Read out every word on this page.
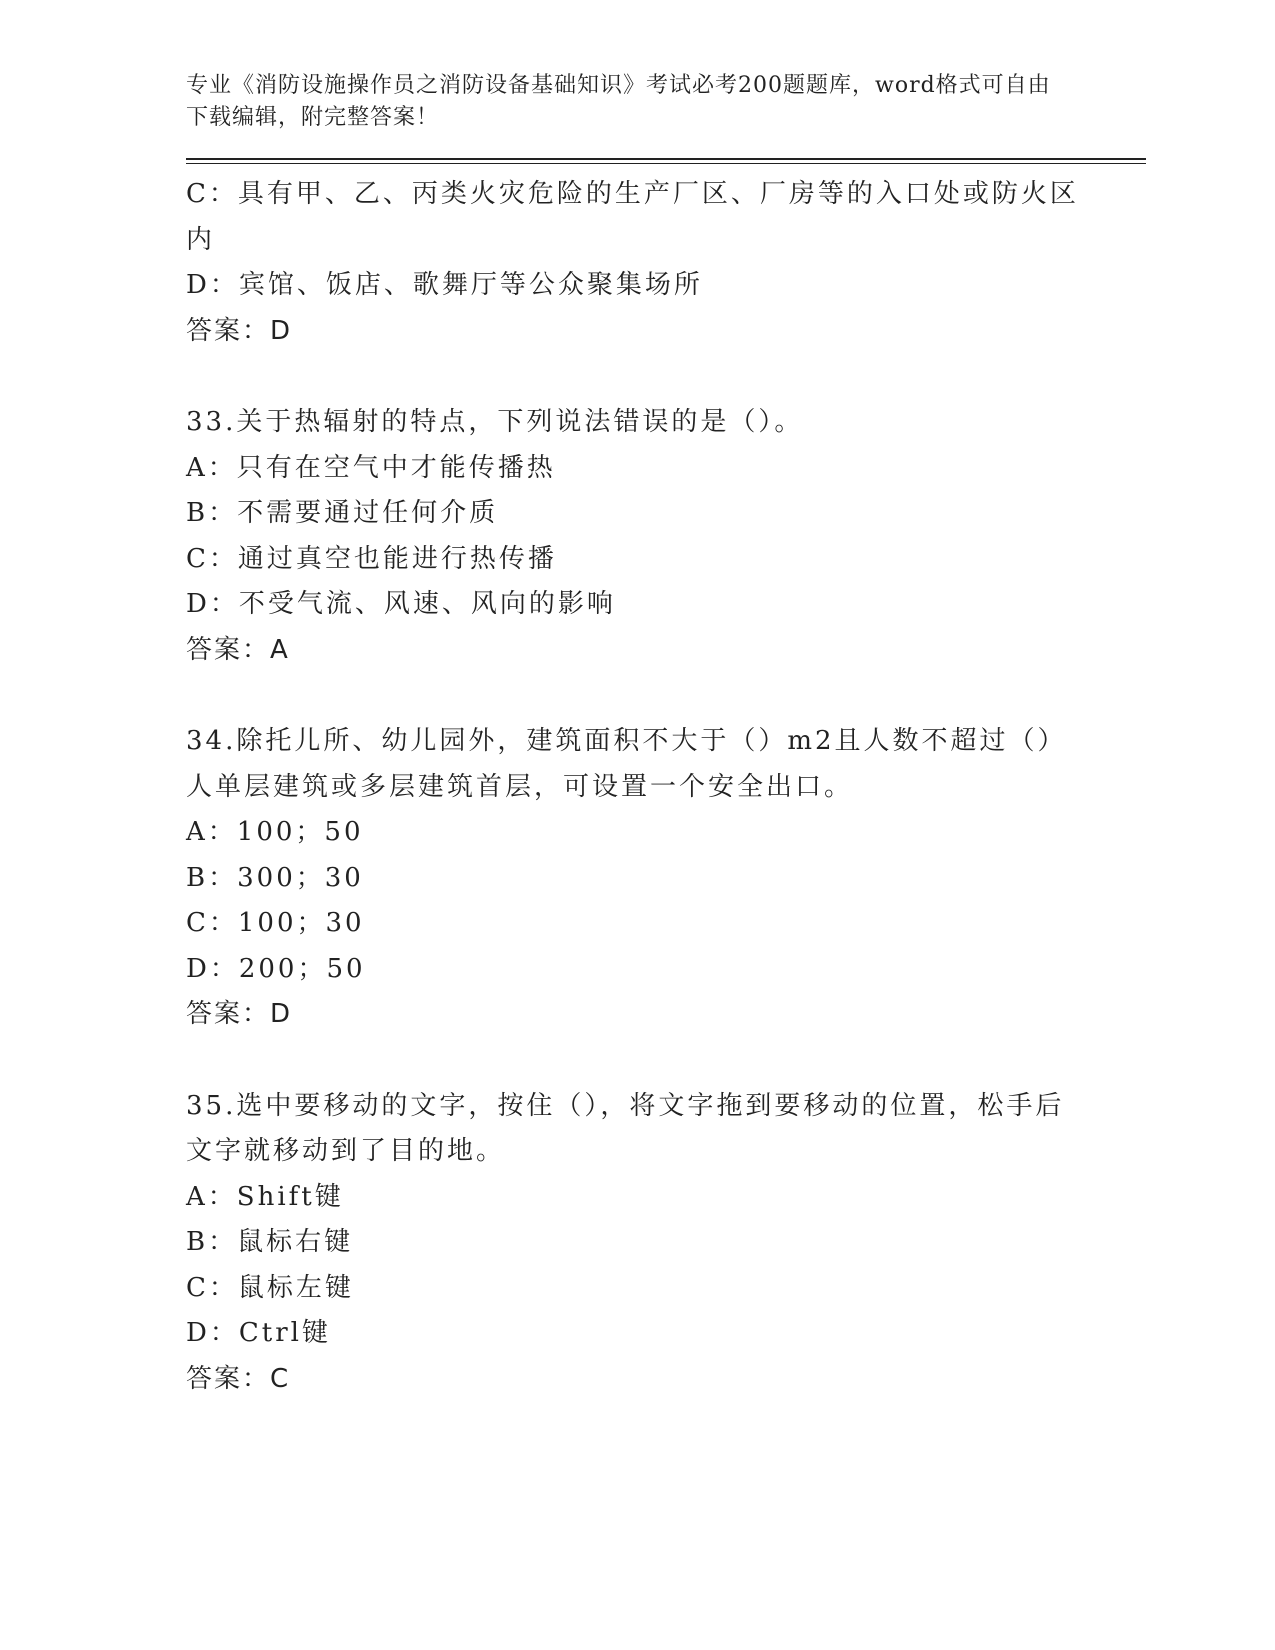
专业《消防设施操作员之消防设备基础知识》考试必考200题题库，word格式可自由下载编辑，附完整答案！
C：具有甲、乙、丙类火灾危险的生产厂区、厂房等的入口处或防火区内
D：宾馆、饭店、歌舞厅等公众聚集场所
答案：D
33.关于热辐射的特点，下列说法错误的是（）。
A：只有在空气中才能传播热
B：不需要通过任何介质
C：通过真空也能进行热传播
D：不受气流、风速、风向的影响
答案：A
34.除托儿所、幼儿园外，建筑面积不大于（）m2且人数不超过（）人单层建筑或多层建筑首层，可设置一个安全出口。
A：100；50
B：300；30
C：100；30
D：200；50
答案：D
35.选中要移动的文字，按住（），将文字拖到要移动的位置，松手后文字就移动到了目的地。
A：Shift键
B：鼠标右键
C：鼠标左键
D：Ctrl键
答案：C
